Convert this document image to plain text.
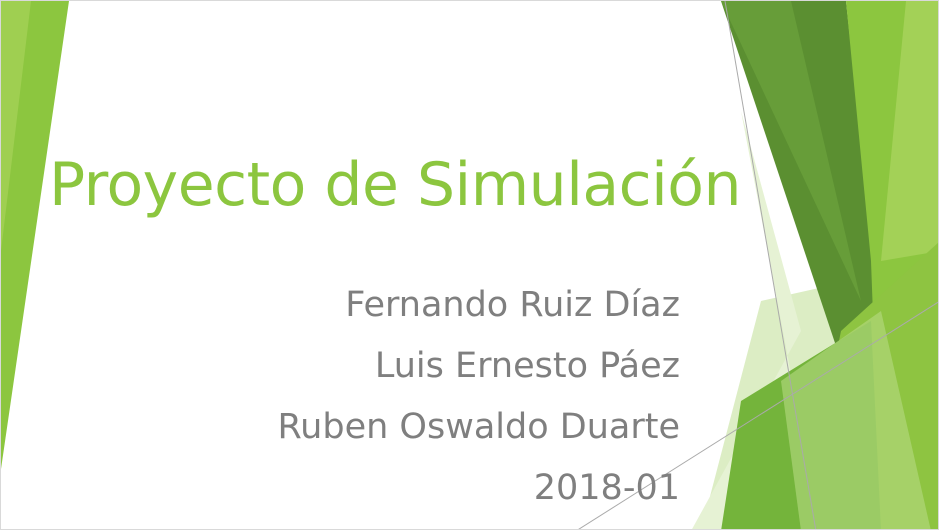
Proyecto de Simulación
Fernando Ruiz Díaz
Luis Ernesto Páez
Ruben Oswaldo Duarte
2018-01
